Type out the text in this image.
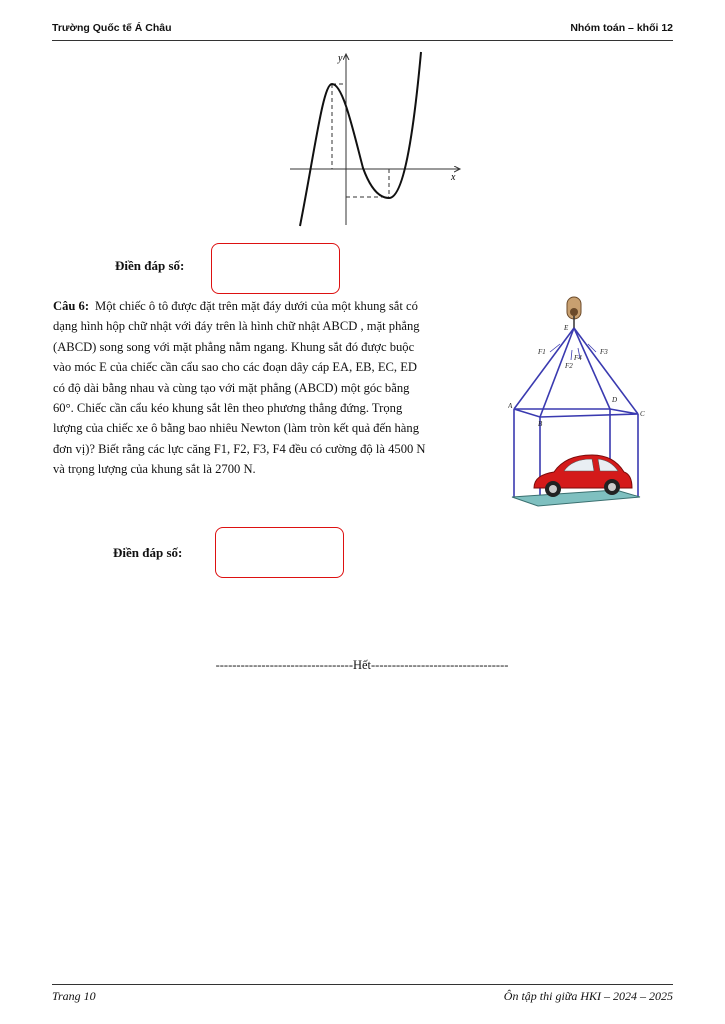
Trường Quốc tế Á Châu	Nhóm toán – khối 12
y
x
Điền đáp số:
Câu 6: Một chiếc ô tô được đặt trên mặt đáy dưới của một khung sắt có
dạng hình hộp chữ nhật với đáy trên là hình chữ nhật ABCD , mặt phẳng
(ABCD) song song với mặt phẳng nằm ngang. Khung sắt đó được buộc
vào móc E của chiếc cần cẩu sao cho các đoạn dây cáp EA, EB, EC, ED
có độ dài bằng nhau và cùng tạo với mặt phẳng (ABCD) một góc bằng
60°. Chiếc cần cẩu kéo khung sắt lên theo phương thẳng đứng. Trọng
lượng của chiếc xe ô bằng bao nhiêu Newton (làm tròn kết quả đến hàng
đơn vị)? Biết rằng các lực căng F1, F2, F3, F4 đều có cường độ là 4500 N
và trọng lượng của khung sắt là 2700 N.
E
A
B
C
D
F1
F2
F3
F4
Điền đáp số:
---------------------------------Hết---------------------------------
Trang 10	Ôn tập thi giữa HKI – 2024 – 2025
